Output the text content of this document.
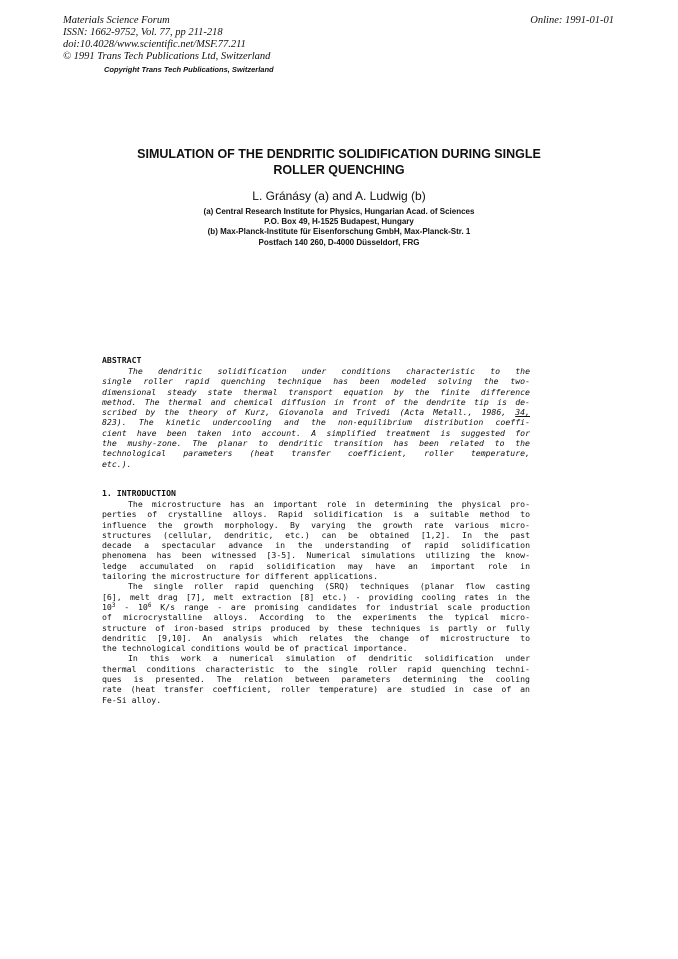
Materials Science Forum
ISSN: 1662-9752, Vol. 77, pp 211-218
doi:10.4028/www.scientific.net/MSF.77.211
© 1991 Trans Tech Publications Ltd, Switzerland
Copyright Trans Tech Publications, Switzerland
Online: 1991-01-01
SIMULATION OF THE DENDRITIC SOLIDIFICATION DURING SINGLE
ROLLER QUENCHING
L. Gránásy (a) and A. Ludwig (b)
(a) Central Research Institute for Physics, Hungarian Acad. of Sciences
P.O. Box 49, H-1525 Budapest, Hungary
(b) Max-Planck-Institute für Eisenforschung GmbH, Max-Planck-Str. 1
Postfach 140 260, D-4000 Düsseldorf, FRG
ABSTRACT
The dendritic solidification under conditions characteristic to the
single roller rapid quenching technique has been modeled solving the two-
dimensional steady state thermal transport equation by the finite difference
method. The thermal and chemical diffusion in front of the dendrite tip is de-
scribed by the theory of Kurz, Giovanola and Trivedi (Acta Metall., 1986, 34,
823). The kinetic undercooling and the non-equilibrium distribution coeffi-
cient have been taken into account. A simplified treatment is suggested for
the mushy-zone. The planar to dendritic transition has been related to the
technological parameters (heat transfer coefficient, roller temperature,
etc.).
1. INTRODUCTION
The microstructure has an important role in determining the physical pro-
perties of crystalline alloys. Rapid solidification is a suitable method to
influence the growth morphology. By varying the growth rate various micro-
structures (cellular, dendritic, etc.) can be obtained [1,2]. In the past
decade a spectacular advance in the understanding of rapid solidification
phenomena has been witnessed [3-5]. Numerical simulations utilizing the know-
ledge accumulated on rapid solidification may have an important role in
tailoring the microstructure for different applications.
The single roller rapid quenching (SRQ) techniques (planar flow casting
[6], melt drag [7], melt extraction [8] etc.) - providing cooling rates in the
$10^3 - 10^6$ K/s range - are promising candidates for industrial scale production
of microcrystalline alloys. According to the experiments the typical micro-
structure of iron-based strips produced by these techniques is partly or fully
dendritic [9,10]. An analysis which relates the change of microstructure to
the technological conditions would be of practical importance.
In this work a numerical simulation of dendritic solidification under
thermal conditions characteristic to the single roller rapid quenching techni-
ques is presented. The relation between parameters determining the cooling
rate (heat transfer coefficient, roller temperature) are studied in case of an
Fe-Si alloy.
